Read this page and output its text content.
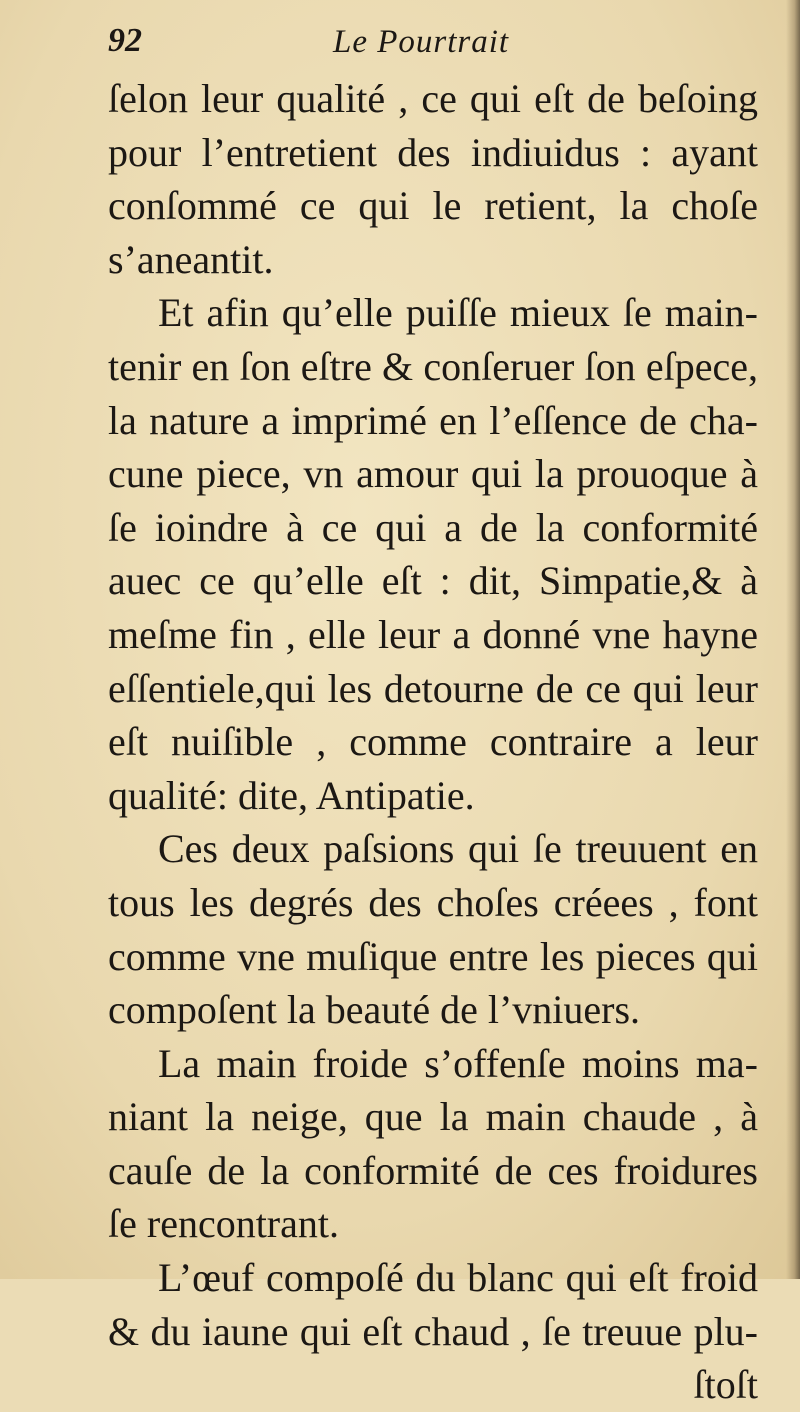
92	Le Pourtrait
ſelon leur qualité , ce qui eſt de beſoing
pour l’entretient des indiuidus : ayant
conſommé ce qui le retient, la choſe
s’aneantit.
Et afin qu’elle puiſſe mieux ſe main-
tenir en ſon eſtre & conſeruer ſon eſpece,
la nature a imprimé en l’eſſence de cha-
cune piece, vn amour qui la prouoque à
ſe ioindre à ce qui a de la conformité
auec ce qu’elle eſt : dit, Simpatie,& à
meſme fin , elle leur a donné vne hayne
eſſentiele,qui les detourne de ce qui leur
eſt nuiſible , comme contraire a leur
qualité: dite, Antipatie.
Ces deux paſsions qui ſe treuuent en
tous les degrés des choſes créees , font
comme vne muſique entre les pieces qui
compoſent la beauté de l’vniuers.
La main froide s’offenſe moins ma-
niant la neige, que la main chaude , à
cauſe de la conformité de ces froidures
ſe rencontrant.
L’œuf compoſé du blanc qui eſt froid
& du iaune qui eſt chaud , ſe treuue plu-
ſtoſt
